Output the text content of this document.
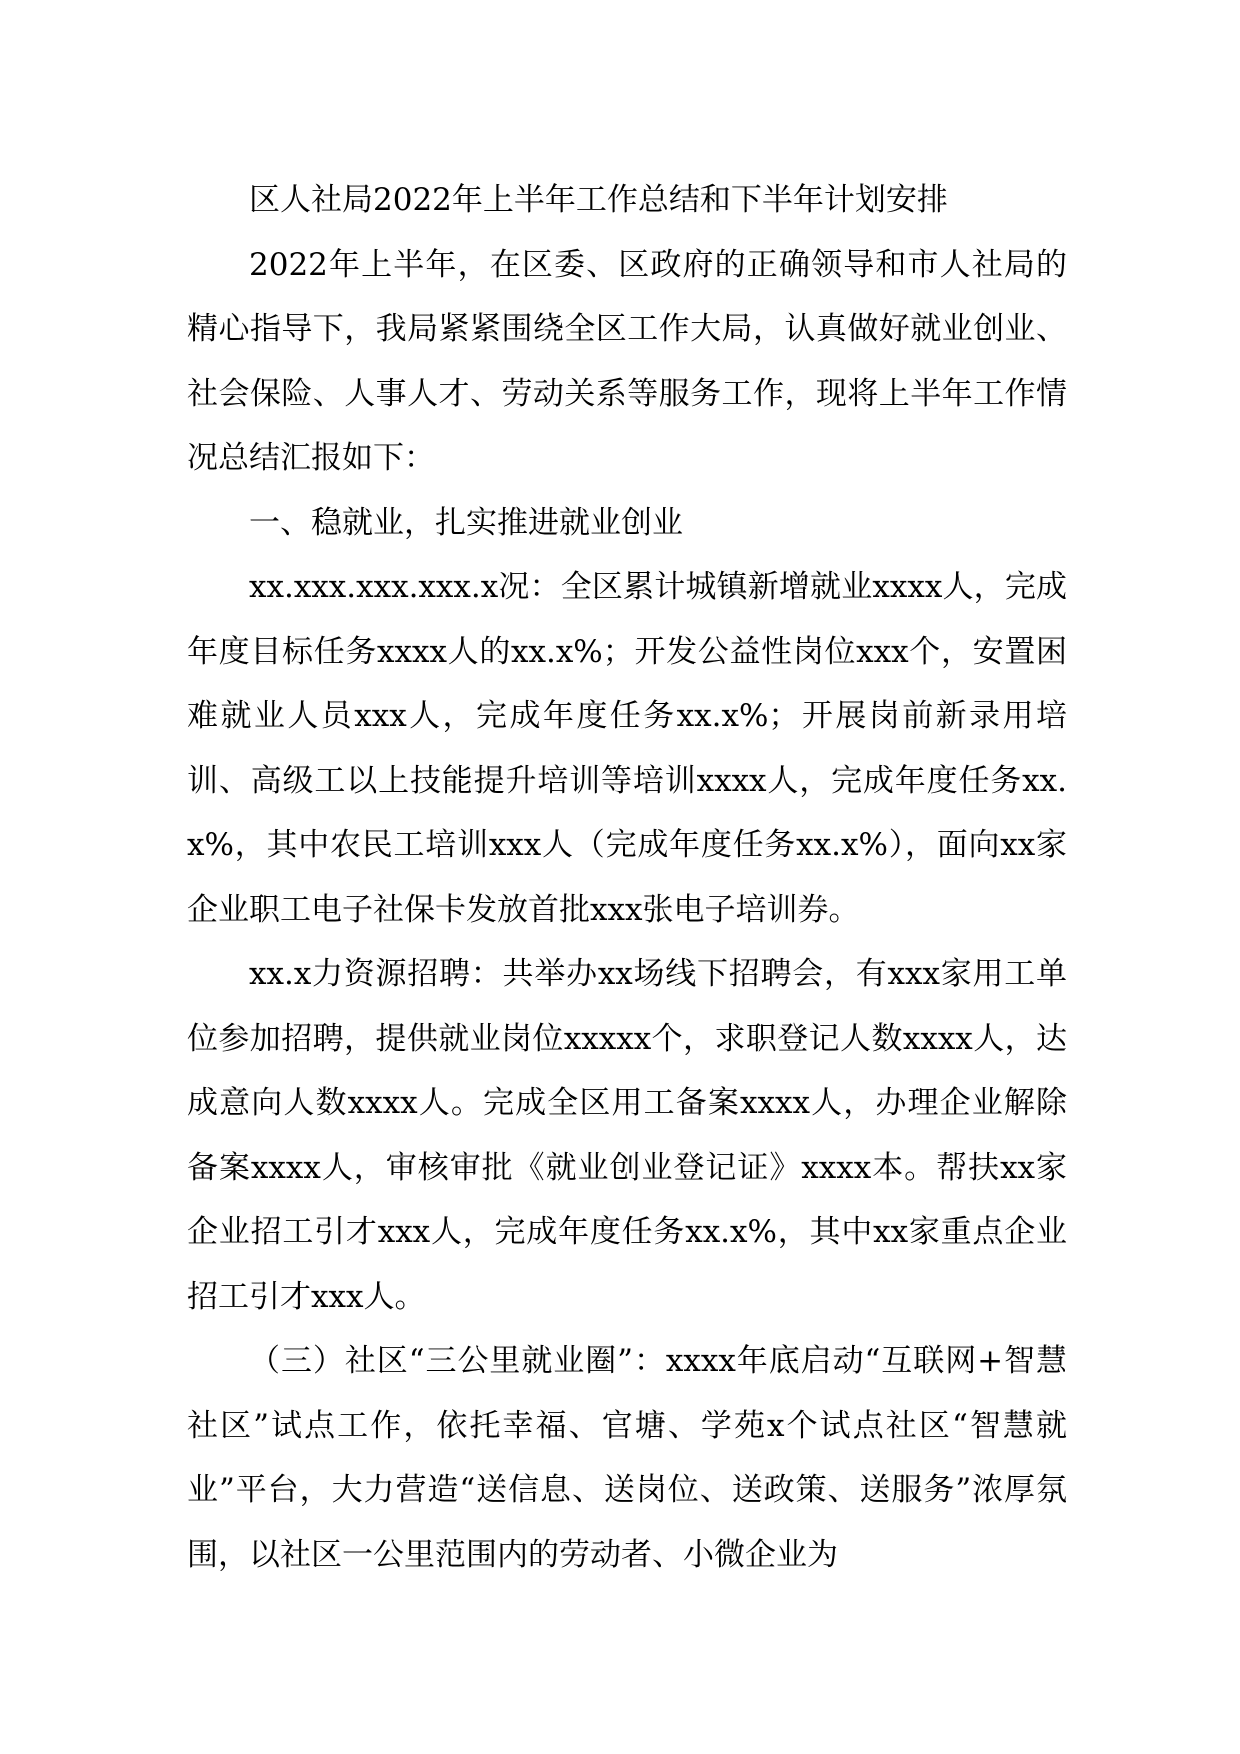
区人社局2022年上半年工作总结和下半年计划安排

2022年上半年，在区委、区政府的正确领导和市人社局的精心指导下，我局紧紧围绕全区工作大局，认真做好就业创业、社会保险、人事人才、劳动关系等服务工作，现将上半年工作情况总结汇报如下：

一、稳就业，扎实推进就业创业

xx.xxx.xxx.xxx.x况：全区累计城镇新增就业xxxx人，完成年度目标任务xxxx人的xx.x%；开发公益性岗位xxx个，安置困难就业人员xxx人，完成年度任务xx.x%；开展岗前新录用培训、高级工以上技能提升培训等培训xxxx人，完成年度任务xx.x%，其中农民工培训xxx人（完成年度任务xx.x%），面向xx家企业职工电子社保卡发放首批xxx张电子培训券。

xx.x力资源招聘：共举办xx场线下招聘会，有xxx家用工单位参加招聘，提供就业岗位xxxxx个，求职登记人数xxxx人，达成意向人数xxxx人。完成全区用工备案xxxx人，办理企业解除备案xxxx人，审核审批《就业创业登记证》xxxx本。帮扶xx家企业招工引才xxx人，完成年度任务xx.x%，其中xx家重点企业招工引才xxx人。

（三）社区“三公里就业圈”：xxxx年底启动“互联网+智慧社区”试点工作，依托幸福、官塘、学苑x个试点社区“智慧就业”平台，大力营造“送信息、送岗位、送政策、送服务”浓厚氛围，以社区一公里范围内的劳动者、小微企业为
